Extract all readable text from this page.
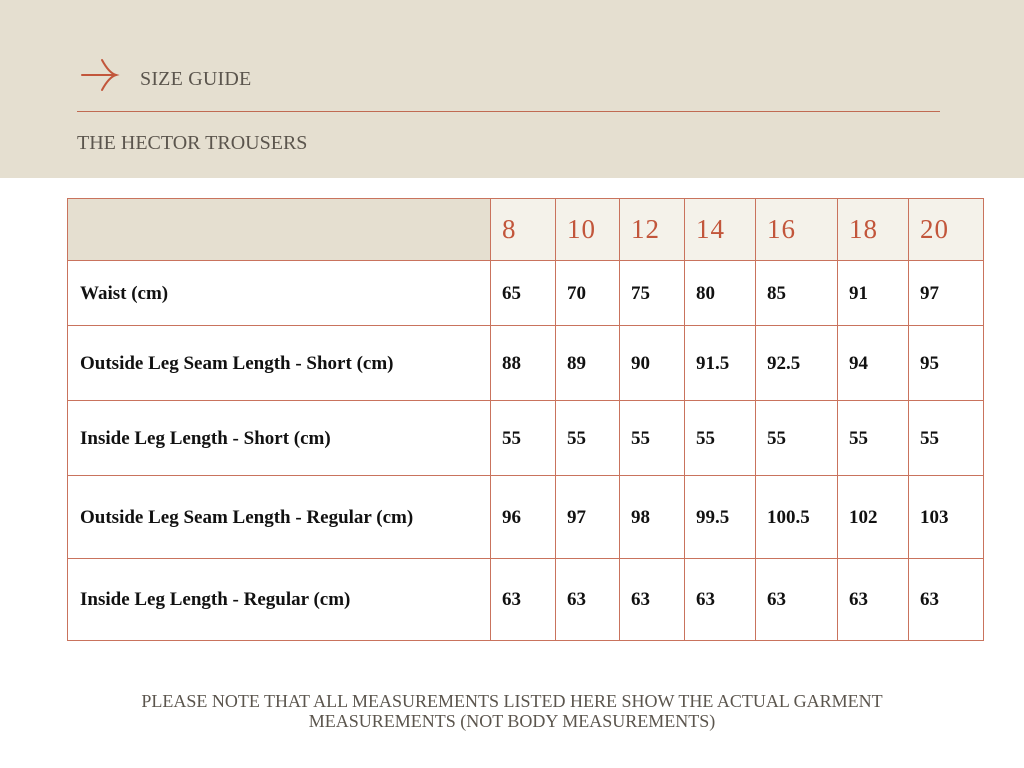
SIZE GUIDE
THE HECTOR TROUSERS
	8	10	12	14	16	18	20
Waist (cm)	65	70	75	80	85	91	97
Outside Leg Seam Length - Short (cm)	88	89	90	91.5	92.5	94	95
Inside Leg Length - Short (cm)	55	55	55	55	55	55	55
Outside Leg Seam Length - Regular (cm)	96	97	98	99.5	100.5	102	103
Inside Leg Length - Regular (cm)	63	63	63	63	63	63	63
PLEASE NOTE THAT ALL MEASUREMENTS LISTED HERE SHOW THE ACTUAL GARMENT MEASUREMENTS (NOT BODY MEASUREMENTS)
